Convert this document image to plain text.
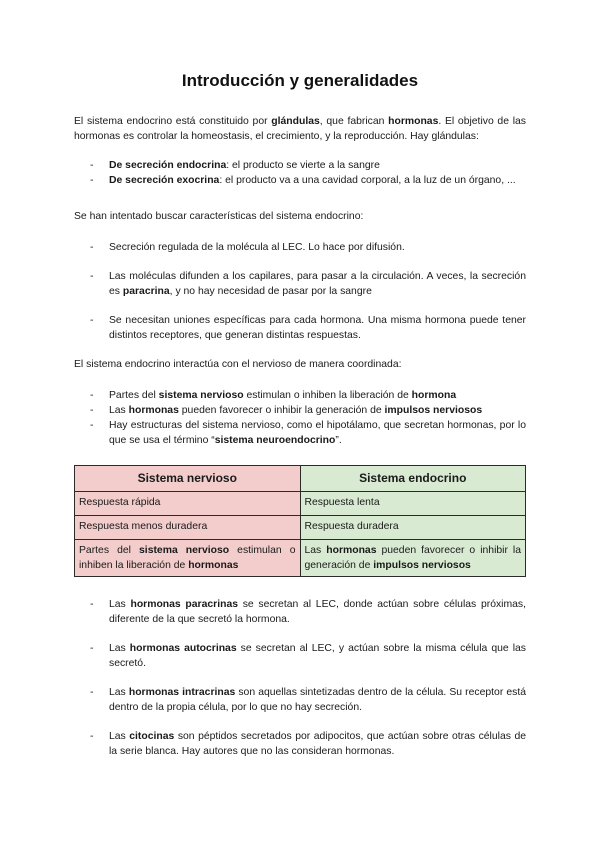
Introducción y generalidades

El sistema endocrino está constituido por glándulas, que fabrican hormonas. El objetivo de las hormonas es controlar la homeostasis, el crecimiento, y la reproducción. Hay glándulas:

- De secreción endocrina: el producto se vierte a la sangre
- De secreción exocrina: el producto va a una cavidad corporal, a la luz de un órgano, ...

Se han intentado buscar características del sistema endocrino:

- Secreción regulada de la molécula al LEC. Lo hace por difusión.
- Las moléculas difunden a los capilares, para pasar a la circulación. A veces, la secreción es paracrina, y no hay necesidad de pasar por la sangre
- Se necesitan uniones específicas para cada hormona. Una misma hormona puede tener distintos receptores, que generan distintas respuestas.

El sistema endocrino interactúa con el nervioso de manera coordinada:

- Partes del sistema nervioso estimulan o inhiben la liberación de hormona
- Las hormonas pueden favorecer o inhibir la generación de impulsos nerviosos
- Hay estructuras del sistema nervioso, como el hipotálamo, que secretan hormonas, por lo que se usa el término “sistema neuroendocrino”.
Sistema nervioso	Sistema endocrino
Respuesta rápida	Respuesta lenta
Respuesta menos duradera	Respuesta duradera
Partes del sistema nervioso estimulan o inhiben la liberación de hormonas	Las hormonas pueden favorecer o inhibir la generación de impulsos nerviosos
- Las hormonas paracrinas se secretan al LEC, donde actúan sobre células próximas, diferente de la que secretó la hormona.
- Las hormonas autocrinas se secretan al LEC, y actúan sobre la misma célula que las secretó.
- Las hormonas intracrinas son aquellas sintetizadas dentro de la célula. Su receptor está dentro de la propia célula, por lo que no hay secreción.
- Las citocinas son péptidos secretados por adipocitos, que actúan sobre otras células de la serie blanca. Hay autores que no las consideran hormonas.
